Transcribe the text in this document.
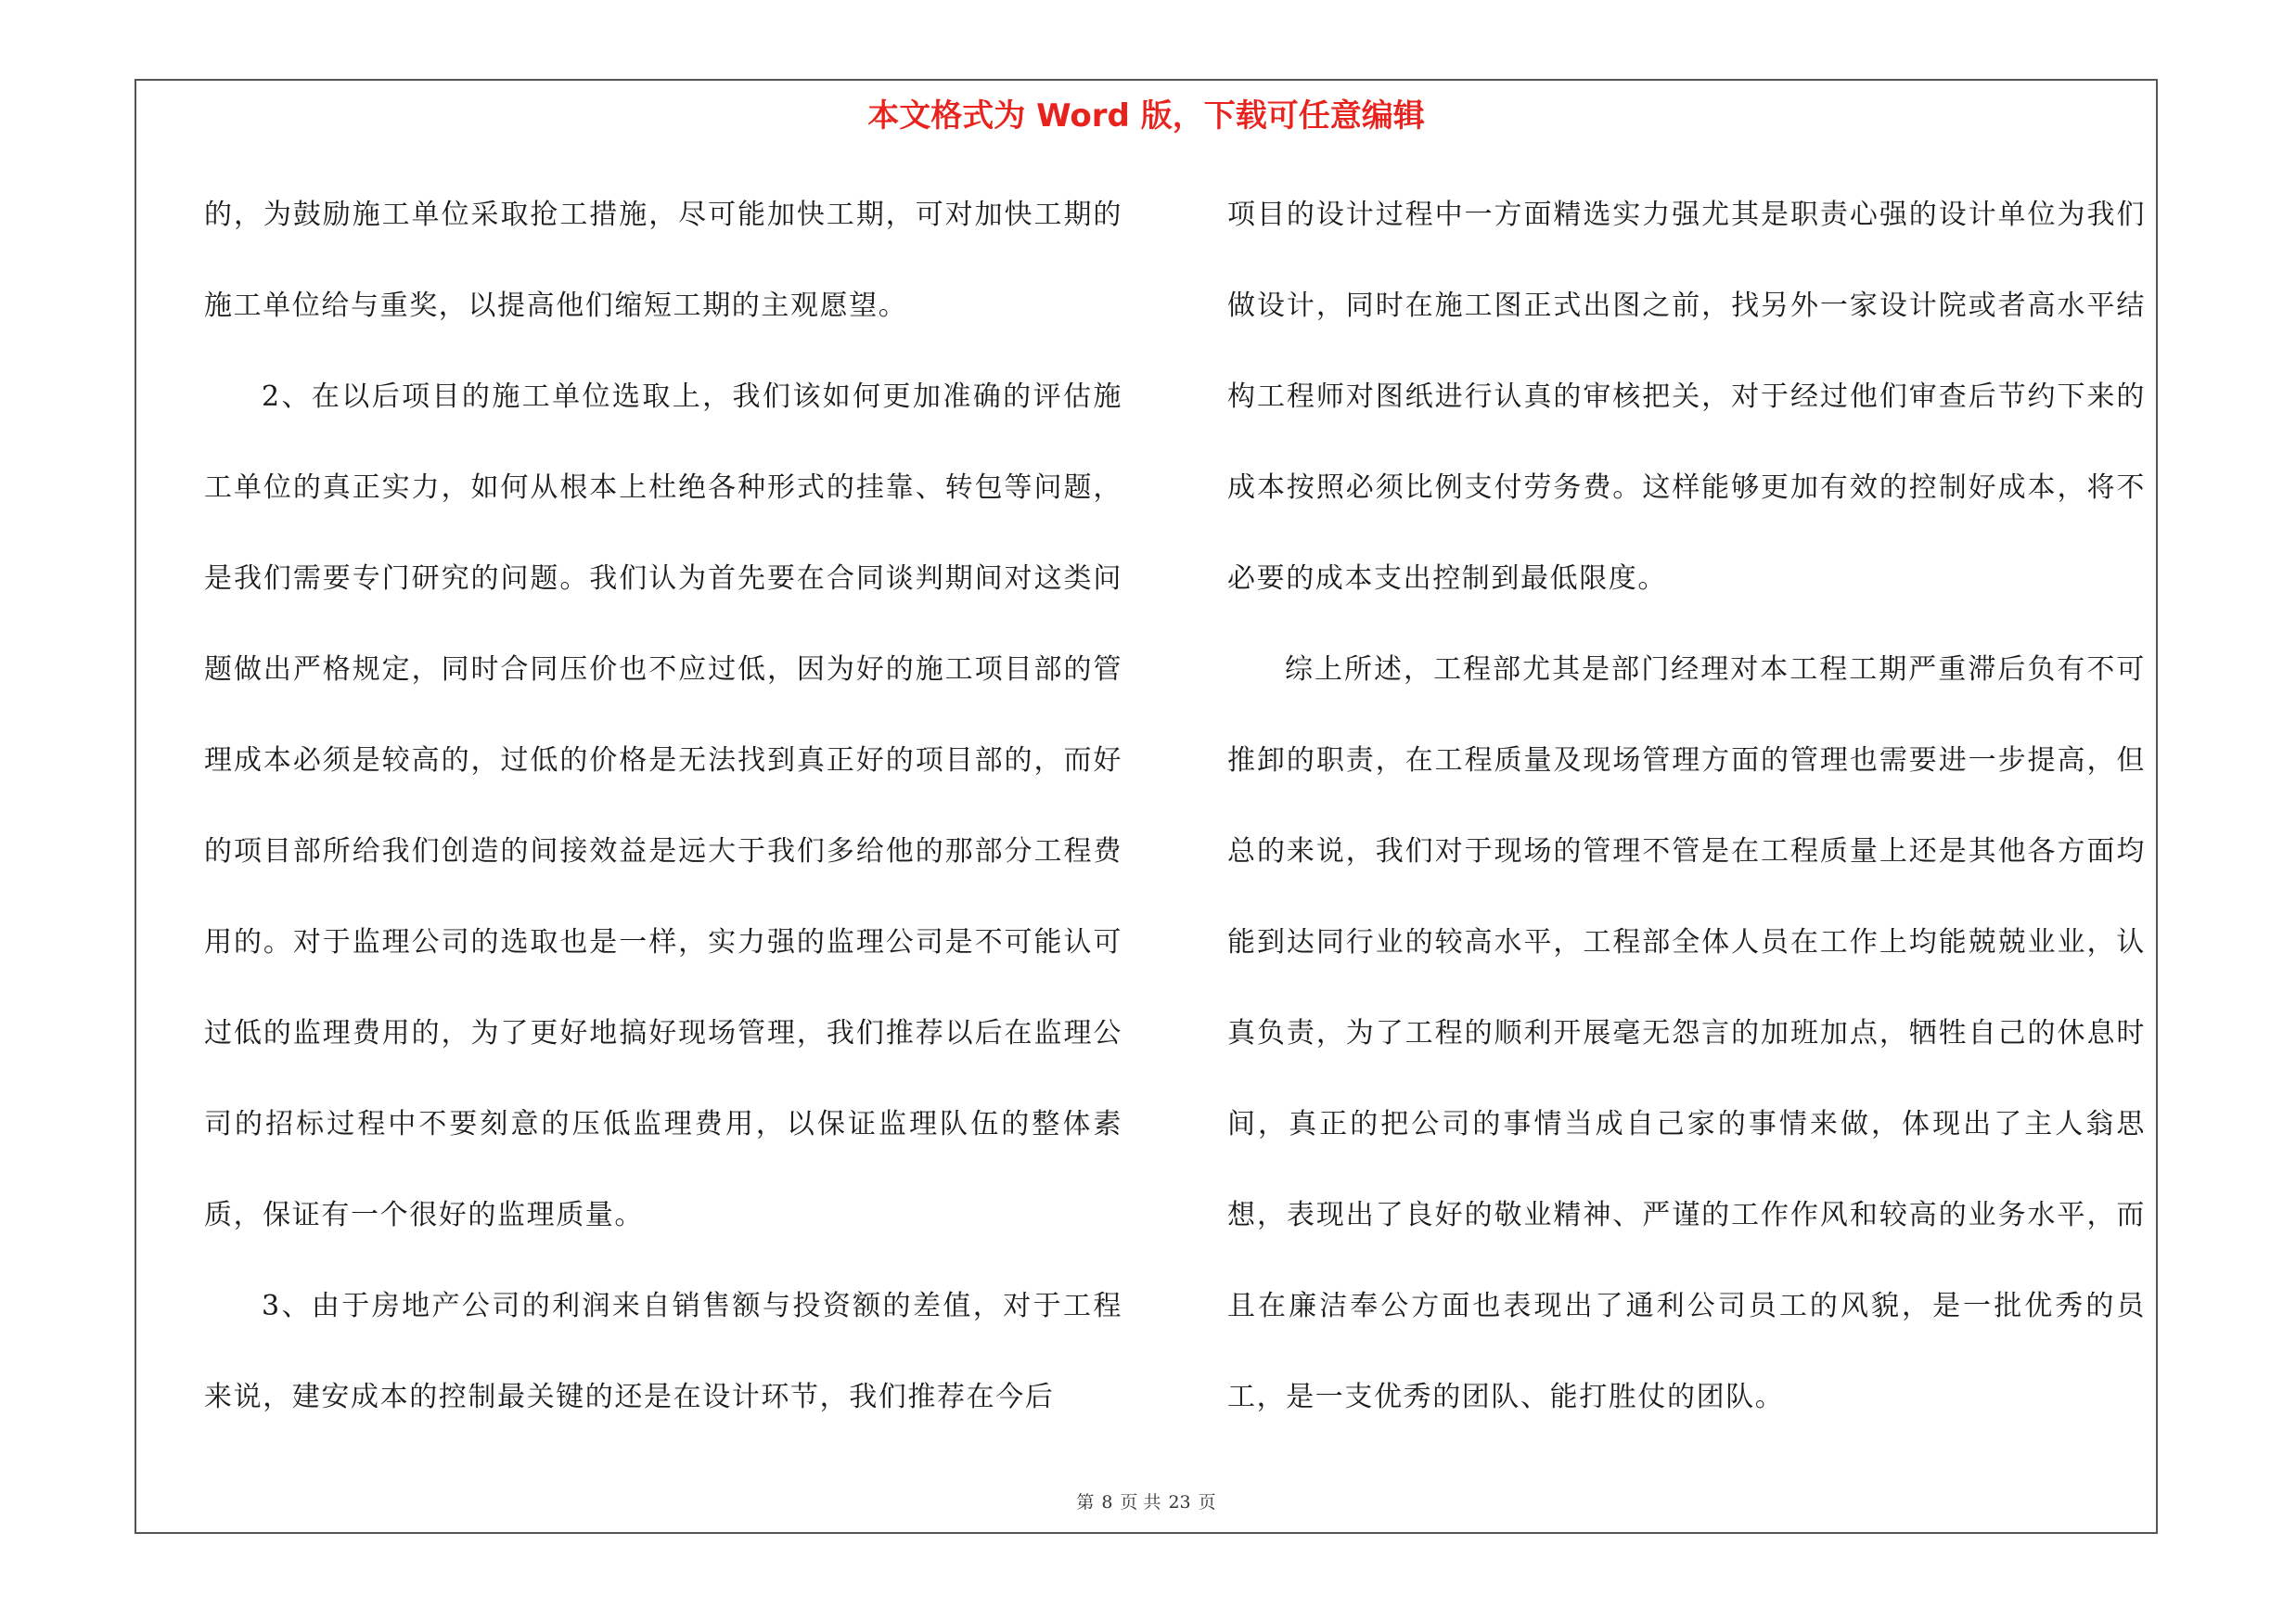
本文格式为 Word 版，下载可任意编辑

的，为鼓励施工单位采取抢工措施，尽可能加快工期，可对加快工期的施工单位给与重奖，以提高他们缩短工期的主观愿望。

2、在以后项目的施工单位选取上，我们该如何更加准确的评估施工单位的真正实力，如何从根本上杜绝各种形式的挂靠、转包等问题，是我们需要专门研究的问题。我们认为首先要在合同谈判期间对这类问题做出严格规定，同时合同压价也不应过低，因为好的施工项目部的管理成本必须是较高的，过低的价格是无法找到真正好的项目部的，而好的项目部所给我们创造的间接效益是远大于我们多给他的那部分工程费用的。对于监理公司的选取也是一样，实力强的监理公司是不可能认可过低的监理费用的，为了更好地搞好现场管理，我们推荐以后在监理公司的招标过程中不要刻意的压低监理费用，以保证监理队伍的整体素质，保证有一个很好的监理质量。

3、由于房地产公司的利润来自销售额与投资额的差值，对于工程来说，建安成本的控制最关键的还是在设计环节，我们推荐在今后

项目的设计过程中一方面精选实力强尤其是职责心强的设计单位为我们做设计，同时在施工图正式出图之前，找另外一家设计院或者高水平结构工程师对图纸进行认真的审核把关，对于经过他们审查后节约下来的成本按照必须比例支付劳务费。这样能够更加有效的控制好成本，将不必要的成本支出控制到最低限度。

综上所述，工程部尤其是部门经理对本工程工期严重滞后负有不可推卸的职责，在工程质量及现场管理方面的管理也需要进一步提高，但总的来说，我们对于现场的管理不管是在工程质量上还是其他各方面均能到达同行业的较高水平，工程部全体人员在工作上均能兢兢业业，认真负责，为了工程的顺利开展毫无怨言的加班加点，牺牲自己的休息时间，真正的把公司的事情当成自己家的事情来做，体现出了主人翁思想，表现出了良好的敬业精神、严谨的工作作风和较高的业务水平，而且在廉洁奉公方面也表现出了通利公司员工的风貌，是一批优秀的员工，是一支优秀的团队、能打胜仗的团队。

第 8 页 共 23 页
